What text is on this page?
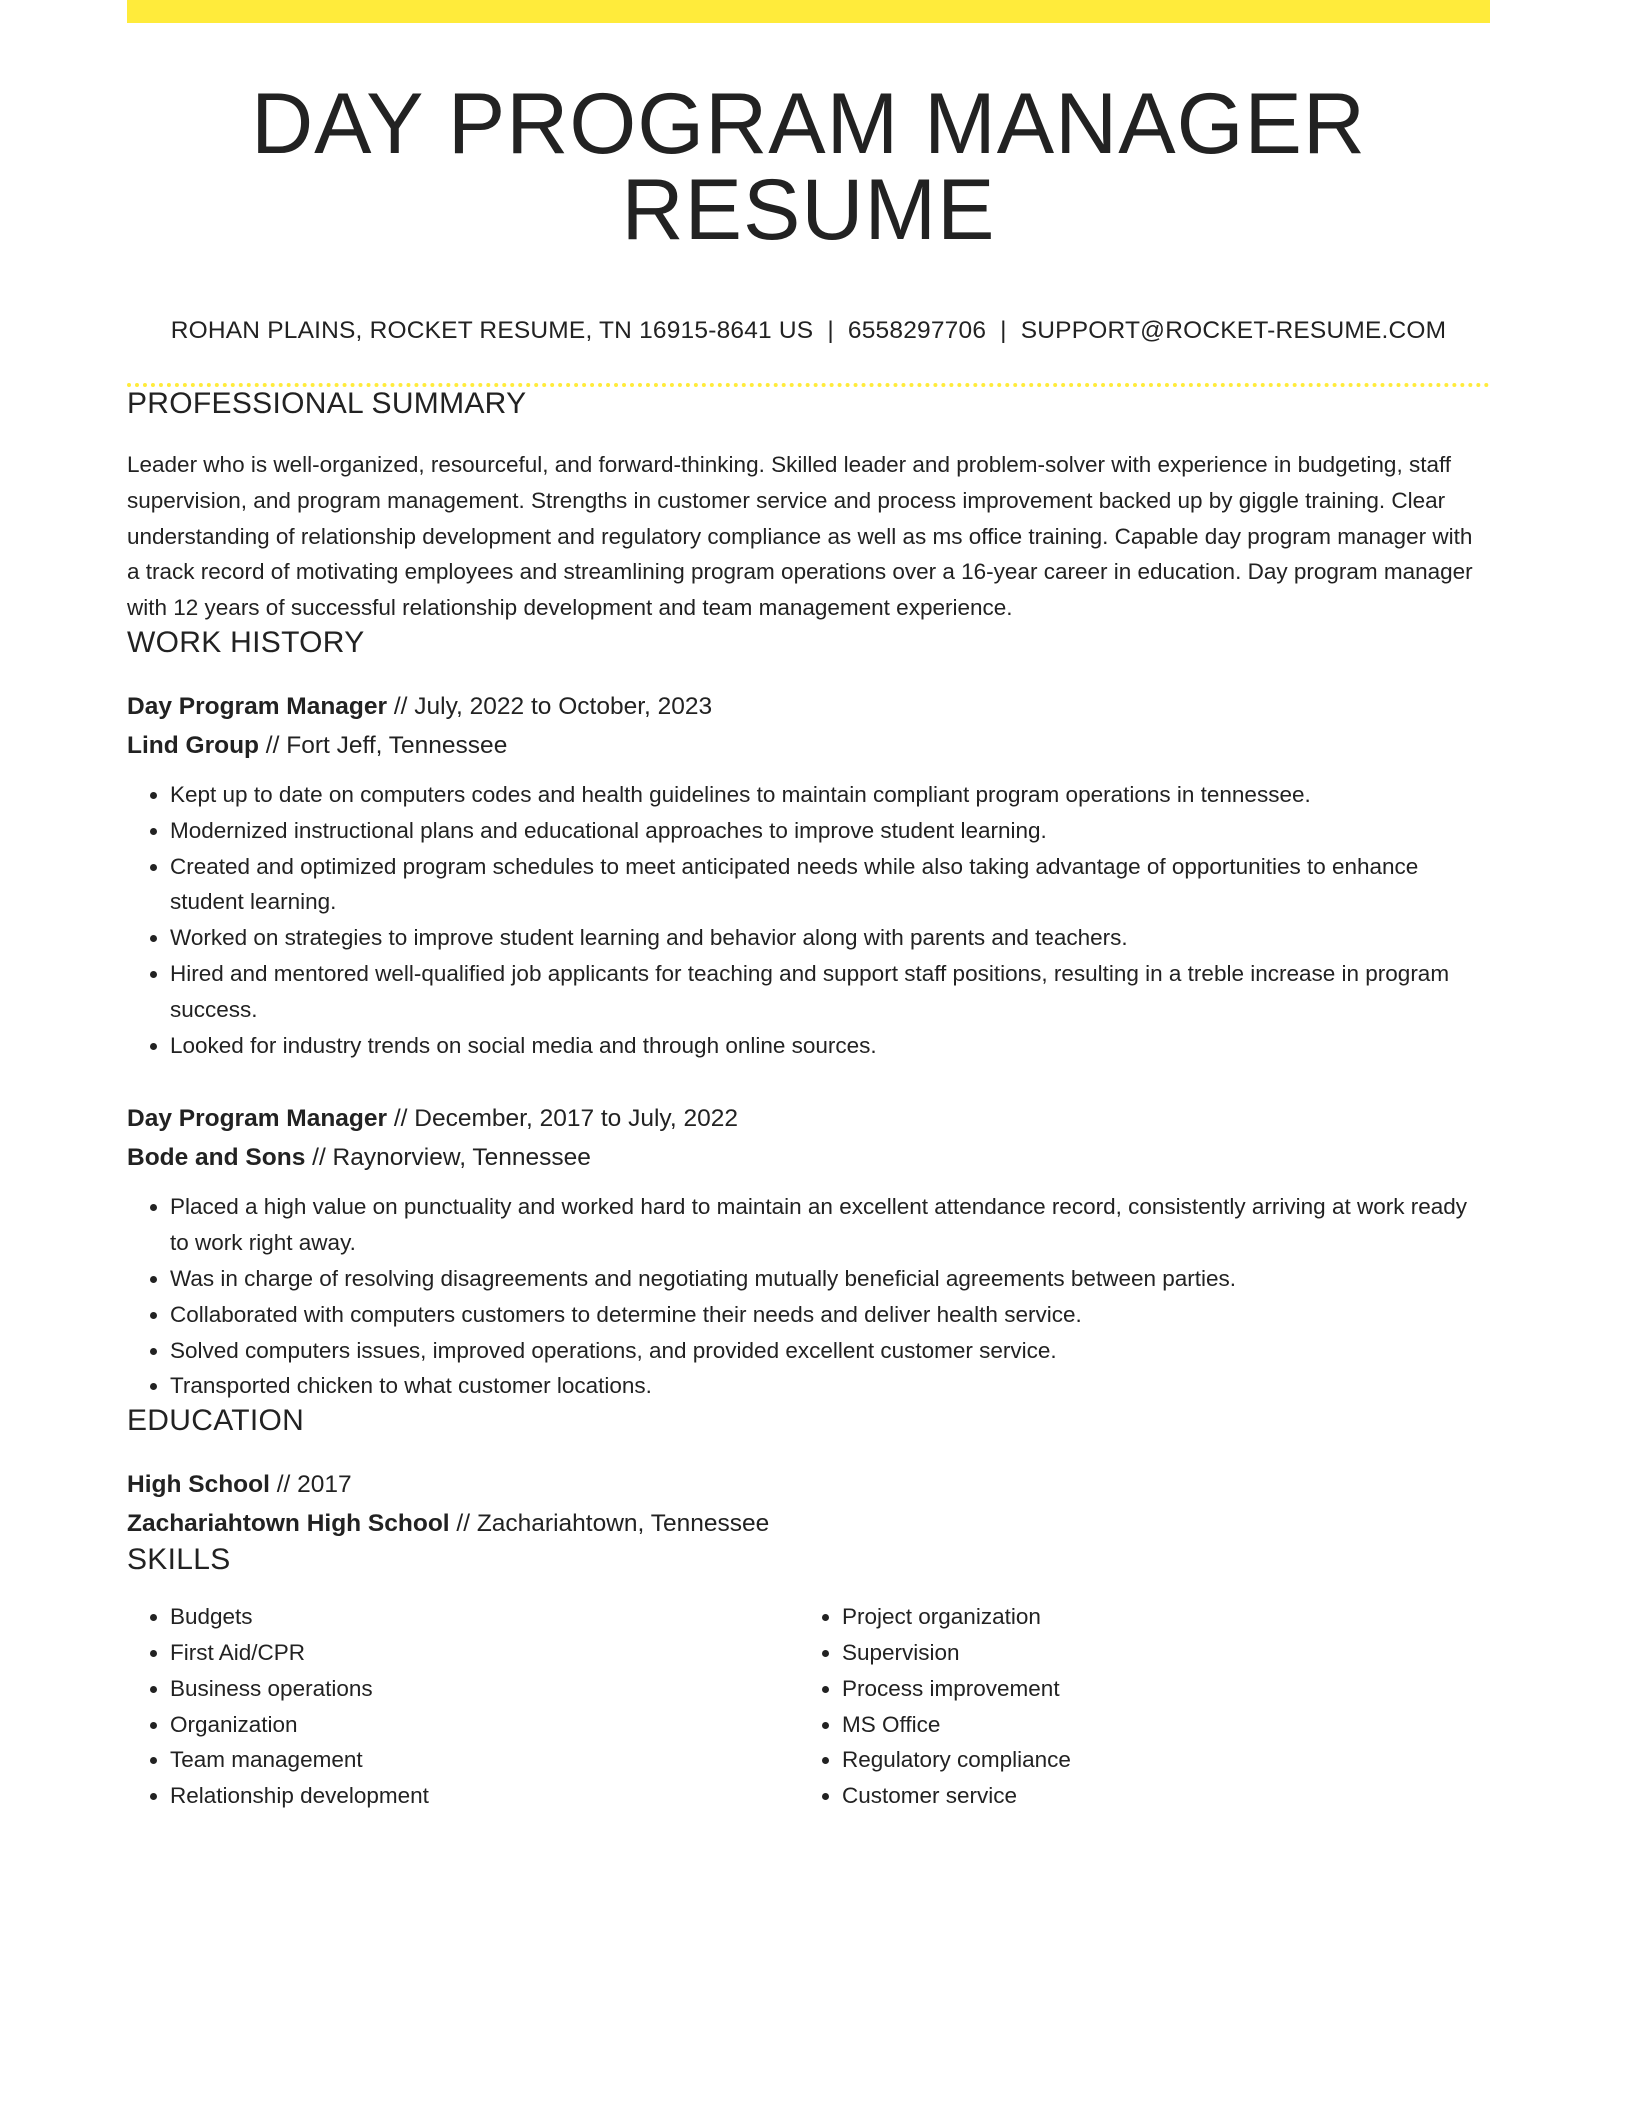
DAY PROGRAM MANAGER RESUME
ROHAN PLAINS, ROCKET RESUME, TN 16915-8641 US | 6558297706 | SUPPORT@ROCKET-RESUME.COM
PROFESSIONAL SUMMARY
Leader who is well-organized, resourceful, and forward-thinking. Skilled leader and problem-solver with experience in budgeting, staff supervision, and program management. Strengths in customer service and process improvement backed up by giggle training. Clear understanding of relationship development and regulatory compliance as well as ms office training. Capable day program manager with a track record of motivating employees and streamlining program operations over a 16-year career in education. Day program manager with 12 years of successful relationship development and team management experience.
WORK HISTORY
Day Program Manager // July, 2022 to October, 2023
Lind Group // Fort Jeff, Tennessee
• Kept up to date on computers codes and health guidelines to maintain compliant program operations in tennessee.
• Modernized instructional plans and educational approaches to improve student learning.
• Created and optimized program schedules to meet anticipated needs while also taking advantage of opportunities to enhance student learning.
• Worked on strategies to improve student learning and behavior along with parents and teachers.
• Hired and mentored well-qualified job applicants for teaching and support staff positions, resulting in a treble increase in program success.
• Looked for industry trends on social media and through online sources.
Day Program Manager // December, 2017 to July, 2022
Bode and Sons // Raynorview, Tennessee
• Placed a high value on punctuality and worked hard to maintain an excellent attendance record, consistently arriving at work ready to work right away.
• Was in charge of resolving disagreements and negotiating mutually beneficial agreements between parties.
• Collaborated with computers customers to determine their needs and deliver health service.
• Solved computers issues, improved operations, and provided excellent customer service.
• Transported chicken to what customer locations.
EDUCATION
High School // 2017
Zachariahtown High School // Zachariahtown, Tennessee
SKILLS
• Budgets
• First Aid/CPR
• Business operations
• Organization
• Team management
• Relationship development
• Project organization
• Supervision
• Process improvement
• MS Office
• Regulatory compliance
• Customer service
